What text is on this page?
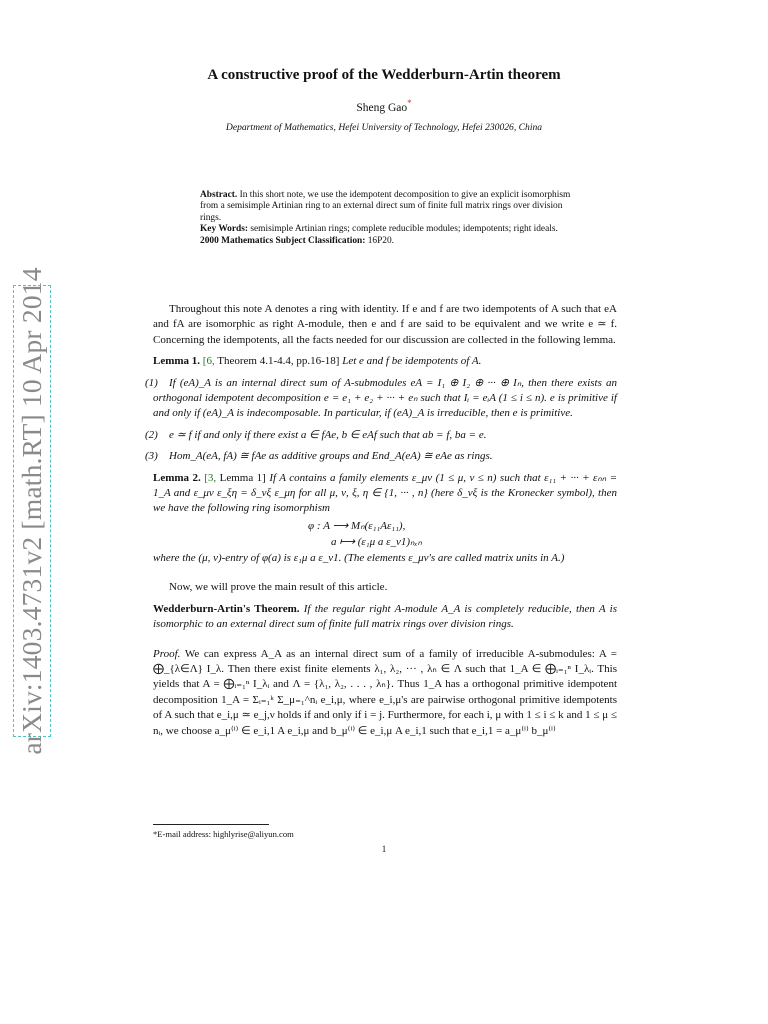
arXiv:1403.4731v2 [math.RT] 10 Apr 2014
A constructive proof of the Wedderburn-Artin theorem
Sheng Gao*
Department of Mathematics, Hefei University of Technology, Hefei 230026, China
Abstract. In this short note, we use the idempotent decomposition to give an explicit isomorphism from a semisimple Artinian ring to an external direct sum of finite full matrix rings over division rings.
Key Words: semisimple Artinian rings; complete reducible modules; idempotents; right ideals.
2000 Mathematics Subject Classification: 16P20.

Throughout this note A denotes a ring with identity. If e and f are two idempotents of A such that eA and fA are isomorphic as right A-module, then e and f are said to be equivalent and we write e ≃ f. Concerning the idempotents, all the facts needed for our discussion are collected in the following lemma.

Lemma 1. [6, Theorem 4.1-4.4, pp.16-18] Let e and f be idempotents of A.

(1) If (eA)_A is an internal direct sum of A-submodules eA = I₁ ⊕ I₂ ⊕ ··· ⊕ Iₙ, then there exists an orthogonal idempotent decomposition e = e₁ + e₂ + ··· + eₙ such that Iᵢ = eᵢA (1 ≤ i ≤ n). e is primitive if and only if (eA)_A is indecomposable. In particular, if (eA)_A is irreducible, then e is primitive.

(2) e ≃ f if and only if there exist a ∈ fAe, b ∈ eAf such that ab = f, ba = e.

(3) Hom_A(eA, fA) ≅ fAe as additive groups and End_A(eA) ≅ eAe as rings.

Lemma 2. [3, Lemma 1] If A contains a family elements ε_μν (1 ≤ μ, ν ≤ n) such that ε₁₁ + ··· + εₙₙ = 1_A and ε_μν ε_ξη = δ_νξ ε_μη for all μ, ν, ξ, η ∈ {1, ··· , n} (here δ_νξ is the Kronecker symbol), then we have the following ring isomorphism

φ : A ⟶ Mₙ(ε₁₁Aε₁₁),
a ⟼ (ε₁μ a ε_ν1)ₙₓₙ

where the (μ, ν)-entry of φ(a) is ε₁μ a ε_ν1. (The elements ε_μν's are called matrix units in A.)

Now, we will prove the main result of this article.

Wedderburn-Artin's Theorem. If the regular right A-module A_A is completely reducible, then A is isomorphic to an external direct sum of finite full matrix rings over division rings.

Proof. We can express A_A as an internal direct sum of a family of irreducible A-submodules: A = ⨁_{λ∈Λ} I_λ. Then there exist finite elements λ₁, λ₂, ··· , λₙ ∈ Λ such that 1_A ∈ ⨁ᵢ₌₁ⁿ I_λᵢ. This yields that A = ⨁ᵢ₌₁ⁿ I_λᵢ and Λ = {λ₁, λ₂, . . . , λₙ}. Thus 1_A has a orthogonal primitive idempotent decomposition 1_A = Σᵢ₌₁ᵏ Σ_μ₌₁^nᵢ e_i,μ, where e_i,μ's are pairwise orthogonal primitive idempotents of A such that e_i,μ ≃ e_j,ν holds if and only if i = j. Furthermore, for each i, μ with 1 ≤ i ≤ k and 1 ≤ μ ≤ nᵢ, we choose a_μ⁽ⁱ⁾ ∈ e_i,1 A e_i,μ and b_μ⁽ⁱ⁾ ∈ e_i,μ A e_i,1 such that e_i,1 = a_μ⁽ⁱ⁾ b_μ⁽ⁱ⁾

*E-mail address: highlyrise@aliyun.com
1
